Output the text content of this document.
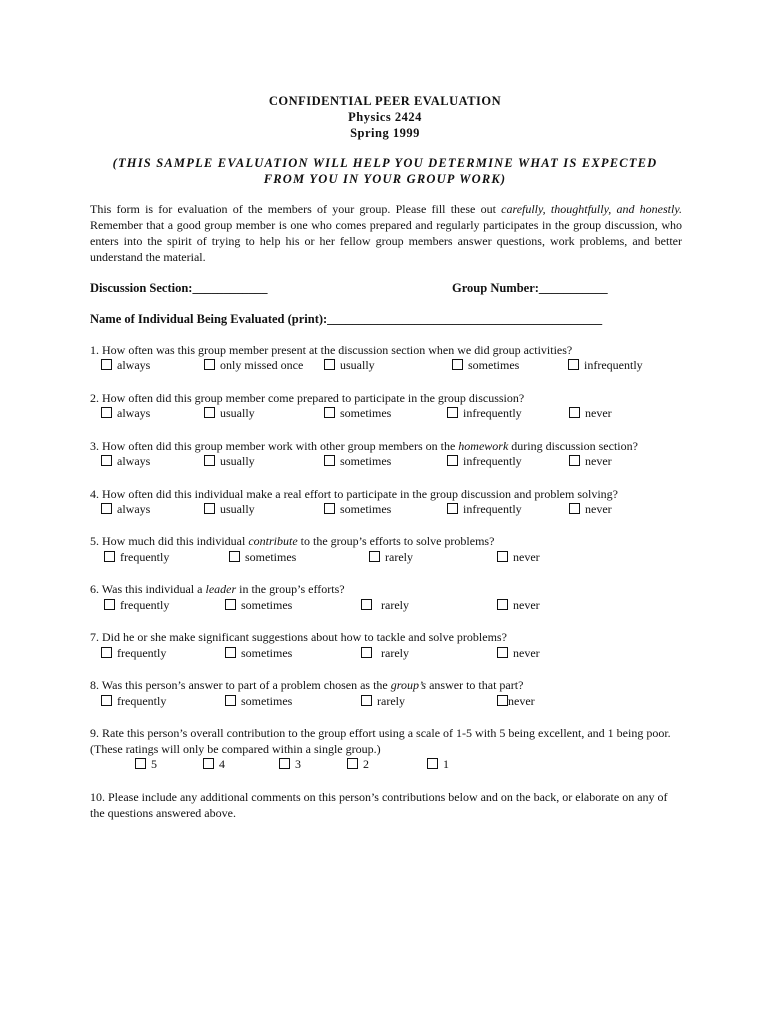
CONFIDENTIAL PEER EVALUATION
Physics 2424
Spring 1999
(THIS SAMPLE EVALUATION WILL HELP YOU DETERMINE WHAT IS EXPECTED
FROM YOU IN YOUR GROUP WORK)
This form is for evaluation of the members of your group. Please fill these out carefully, thoughtfully, and honestly. Remember that a good group member is one who comes prepared and regularly participates in the group discussion, who enters into the spirit of trying to help his or her fellow group members answer questions, work problems, and better understand the material.
Discussion Section:____________	Group Number:___________
Name of Individual Being Evaluated (print):____________________________________________
1. How often was this group member present at the discussion section when we did group activities?
always	only missed once	usually	sometimes	infrequently
2. How often did this group member come prepared to participate in the group discussion?
always	usually	sometimes	infrequently	never
3. How often did this group member work with other group members on the homework during discussion section?
always	usually	sometimes	infrequently	never
4. How often did this individual make a real effort to participate in the group discussion and problem solving?
always	usually	sometimes	infrequently	never
5. How much did this individual contribute to the group’s efforts to solve problems?
frequently	sometimes	rarely	never
6. Was this individual a leader in the group’s efforts?
frequently	sometimes	rarely	never
7. Did he or she make significant suggestions about how to tackle and solve problems?
frequently	sometimes	rarely	never
8. Was this person’s answer to part of a problem chosen as the group’s answer to that part?
frequently	sometimes	rarely	never
9. Rate this person’s overall contribution to the group effort using a scale of 1-5 with 5 being excellent, and 1 being poor. (These ratings will only be compared within a single group.)
5	4	3	2	1
10. Please include any additional comments on this person’s contributions below and on the back, or elaborate on any of the questions answered above.
